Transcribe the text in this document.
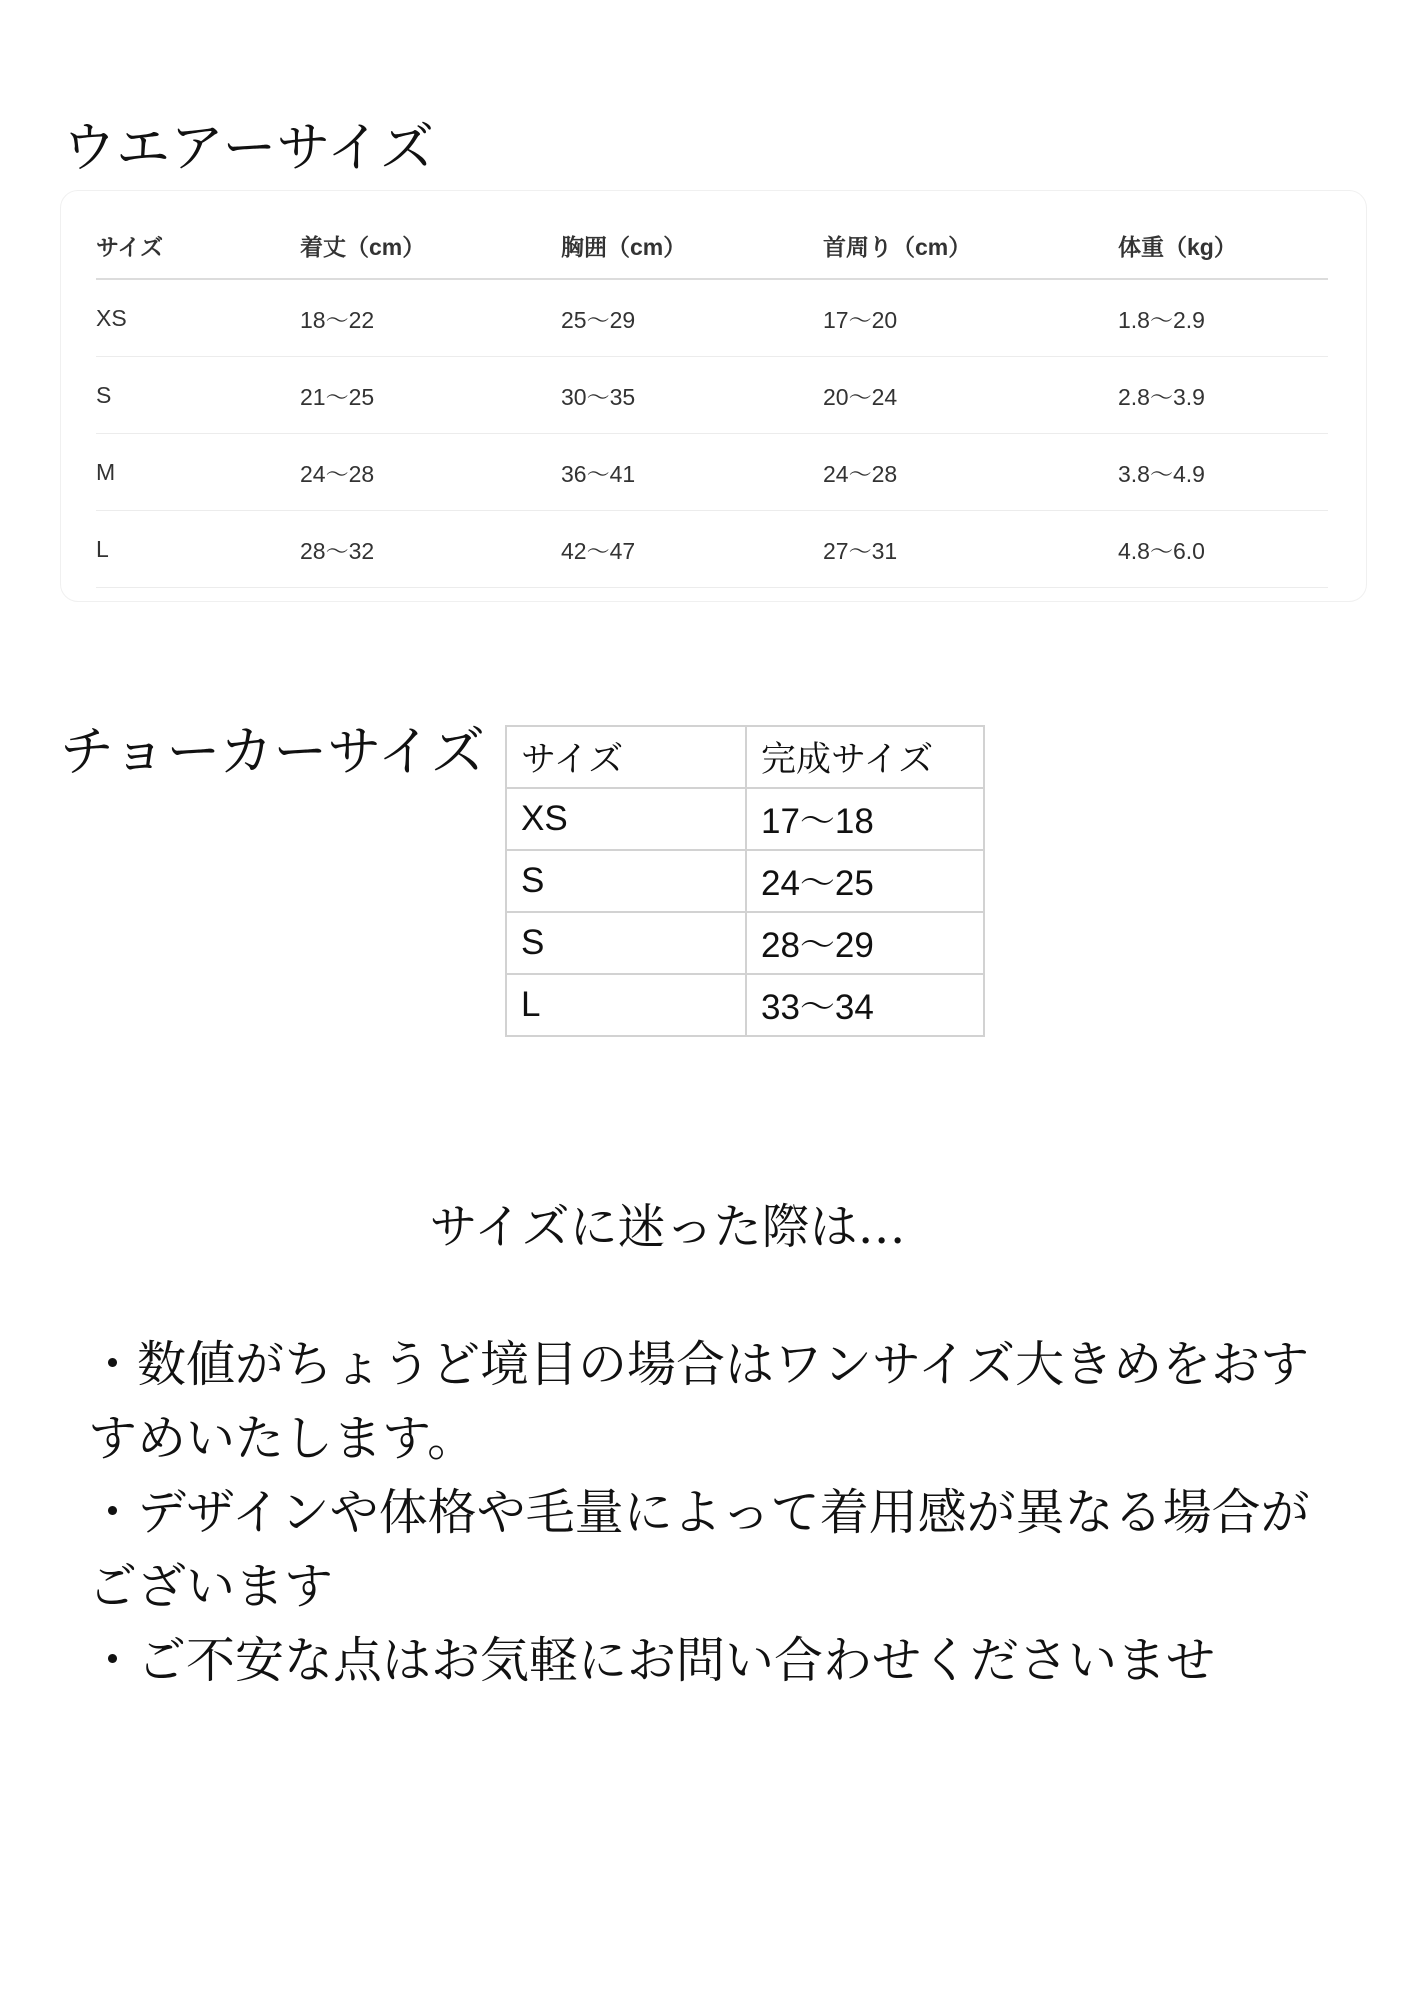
ウエアーサイズ
サイズ	着丈（cm）	胸囲（cm）	首周り（cm）	体重（kg）
XS	18〜22	25〜29	17〜20	1.8〜2.9
S	21〜25	30〜35	20〜24	2.8〜3.9
M	24〜28	36〜41	24〜28	3.8〜4.9
L	28〜32	42〜47	27〜31	4.8〜6.0
チョーカーサイズ サイズ	完成サイズ
XS	17〜18
S	24〜25
S	28〜29
L	33〜34

サイズに迷った際は…

・数値がちょうど境目の場合はワンサイズ大きめをおすすめいたします。
・デザインや体格や毛量によって着用感が異なる場合がございます
・ご不安な点はお気軽にお問い合わせくださいませ
